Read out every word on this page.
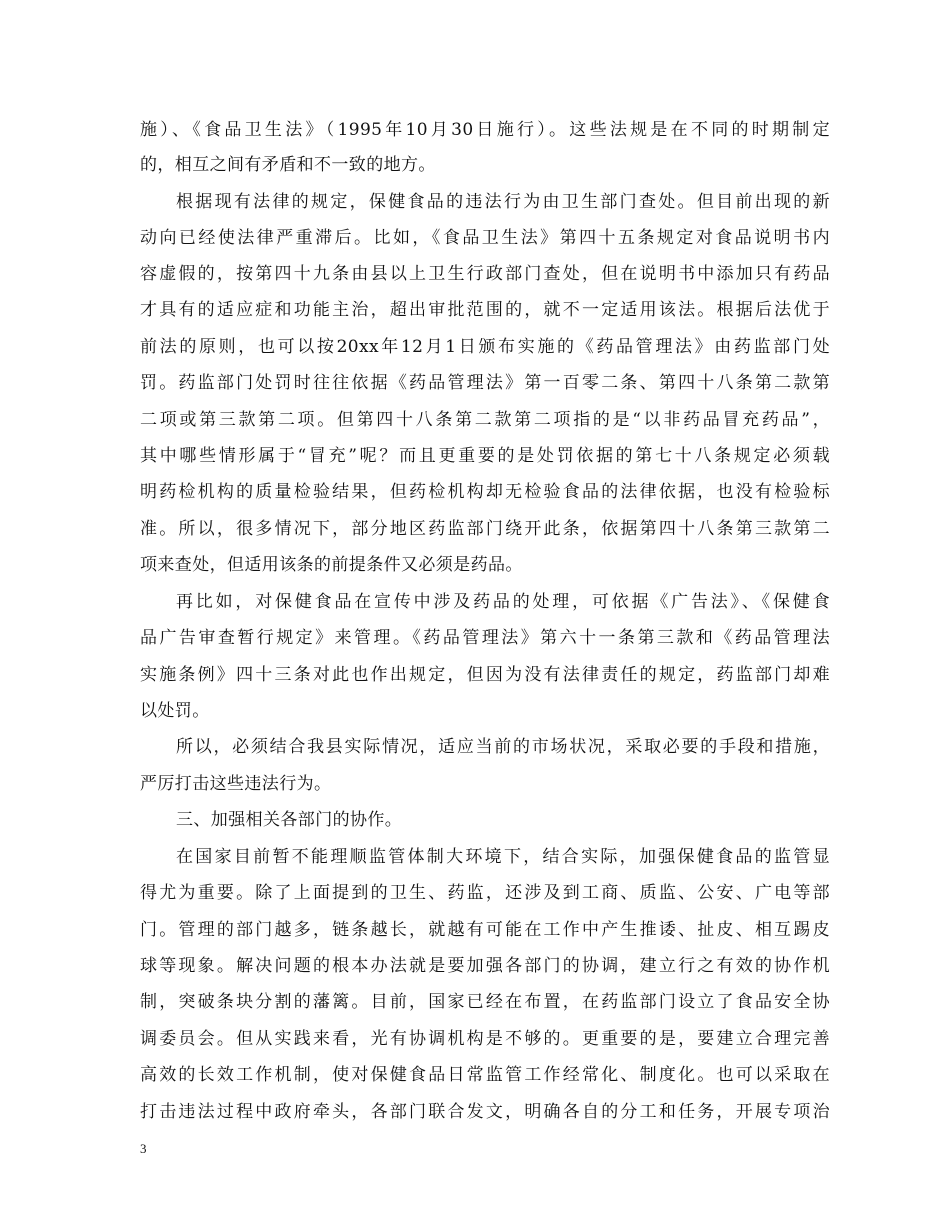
施）、《食品卫生法》（1995年10月30日施行）。这些法规是在不同的时期制定
的，相互之间有矛盾和不一致的地方。
根据现有法律的规定，保健食品的违法行为由卫生部门查处。但目前出现的新
动向已经使法律严重滞后。比如，《食品卫生法》第四十五条规定对食品说明书内
容虚假的，按第四十九条由县以上卫生行政部门查处，但在说明书中添加只有药品
才具有的适应症和功能主治，超出审批范围的，就不一定适用该法。根据后法优于
前法的原则，也可以按20xx年12月1日颁布实施的《药品管理法》由药监部门处
罚。药监部门处罚时往往依据《药品管理法》第一百零二条、第四十八条第二款第
二项或第三款第二项。但第四十八条第二款第二项指的是“以非药品冒充药品”，
其中哪些情形属于“冒充”呢？而且更重要的是处罚依据的第七十八条规定必须载
明药检机构的质量检验结果，但药检机构却无检验食品的法律依据，也没有检验标
准。所以，很多情况下，部分地区药监部门绕开此条，依据第四十八条第三款第二
项来查处，但适用该条的前提条件又必须是药品。
再比如，对保健食品在宣传中涉及药品的处理，可依据《广告法》、《保健食
品广告审查暂行规定》来管理。《药品管理法》第六十一条第三款和《药品管理法
实施条例》四十三条对此也作出规定，但因为没有法律责任的规定，药监部门却难
以处罚。
所以，必须结合我县实际情况，适应当前的市场状况，采取必要的手段和措施，
严厉打击这些违法行为。
三、加强相关各部门的协作。
在国家目前暂不能理顺监管体制大环境下，结合实际，加强保健食品的监管显
得尤为重要。除了上面提到的卫生、药监，还涉及到工商、质监、公安、广电等部
门。管理的部门越多，链条越长，就越有可能在工作中产生推诿、扯皮、相互踢皮
球等现象。解决问题的根本办法就是要加强各部门的协调，建立行之有效的协作机
制，突破条块分割的藩篱。目前，国家已经在布置，在药监部门设立了食品安全协
调委员会。但从实践来看，光有协调机构是不够的。更重要的是，要建立合理完善
高效的长效工作机制，使对保健食品日常监管工作经常化、制度化。也可以采取在
打击违法过程中政府牵头，各部门联合发文，明确各自的分工和任务，开展专项治
3
